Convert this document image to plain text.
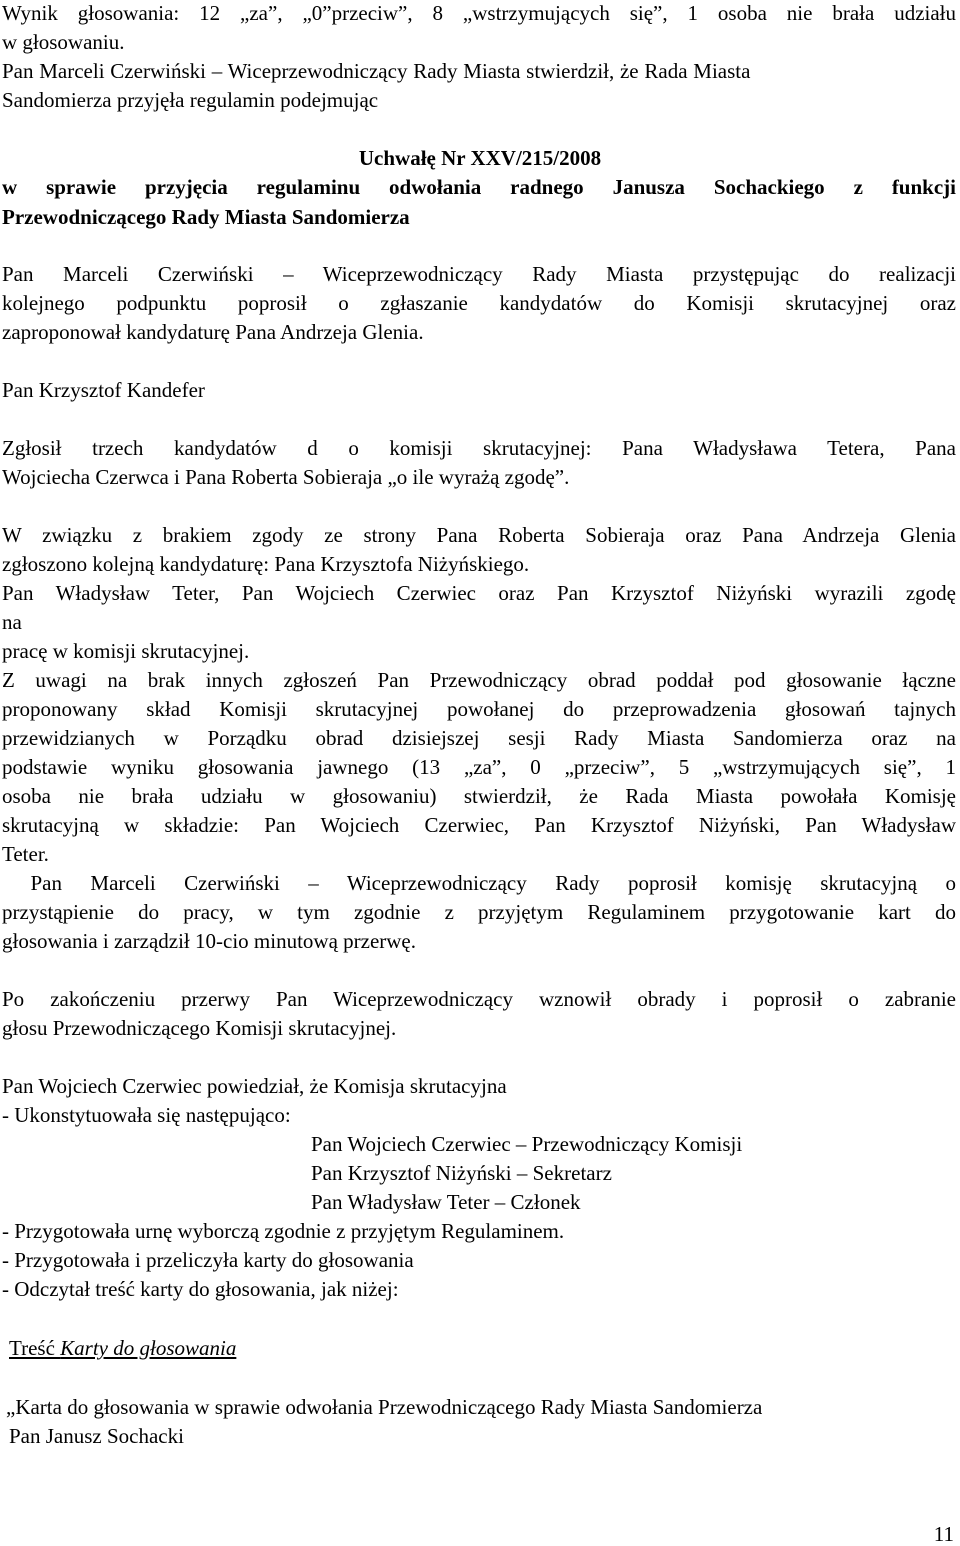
Wynik głosowania: 12 „za”, „0”przeciw”, 8 „wstrzymujących się”, 1 osoba nie brała udziału
w głosowaniu.
Pan Marceli Czerwiński – Wiceprzewodniczący Rady Miasta stwierdził, że Rada Miasta
Sandomierza przyjęła regulamin podejmując
Uchwałę Nr XXV/215/2008
w sprawie przyjęcia regulaminu odwołania radnego Janusza Sochackiego z funkcji
Przewodniczącego Rady Miasta Sandomierza
Pan Marceli Czerwiński – Wiceprzewodniczący Rady Miasta przystępując do realizacji
kolejnego podpunktu poprosił o zgłaszanie kandydatów do Komisji skrutacyjnej oraz
zaproponował kandydaturę Pana Andrzeja Glenia.
Pan Krzysztof Kandefer
Zgłosił trzech kandydatów d o komisji skrutacyjnej: Pana Władysława Tetera, Pana
Wojciecha Czerwca i Pana Roberta Sobieraja „o ile wyrażą zgodę”.
W związku z brakiem zgody ze strony Pana Roberta Sobieraja oraz Pana Andrzeja Glenia
zgłoszono kolejną kandydaturę: Pana Krzysztofa Niżyńskiego.
Pan Władysław Teter, Pan Wojciech Czerwiec oraz Pan Krzysztof Niżyński wyrazili zgodę
na
pracę w komisji skrutacyjnej.
Z uwagi na brak innych zgłoszeń Pan Przewodniczący obrad poddał pod głosowanie łączne
proponowany skład Komisji skrutacyjnej powołanej do przeprowadzenia głosowań tajnych
przewidzianych w Porządku obrad dzisiejszej sesji Rady Miasta Sandomierza oraz na
podstawie wyniku głosowania jawnego (13 „za”, 0 „przeciw”, 5 „wstrzymujących się”, 1
osoba nie brała udziału w głosowaniu) stwierdził, że Rada Miasta powołała Komisję
skrutacyjną w składzie: Pan Wojciech Czerwiec, Pan Krzysztof Niżyński, Pan Władysław
Teter.
Pan Marceli Czerwiński – Wiceprzewodniczący Rady poprosił komisję skrutacyjną o
przystąpienie do pracy, w tym zgodnie z przyjętym Regulaminem przygotowanie kart do
głosowania i zarządził 10-cio minutową przerwę.
Po zakończeniu przerwy Pan Wiceprzewodniczący wznowił obrady i poprosił o zabranie
głosu Przewodniczącego Komisji skrutacyjnej.
Pan Wojciech Czerwiec powiedział, że Komisja skrutacyjna
- Ukonstytuowała się następująco:
Pan Wojciech Czerwiec – Przewodniczący Komisji
Pan Krzysztof Niżyński – Sekretarz
Pan Władysław Teter – Członek
- Przygotowała urnę wyborczą zgodnie z przyjętym Regulaminem.
- Przygotowała i przeliczyła karty do głosowania
- Odczytał treść karty do głosowania, jak niżej:
Treść Karty do głosowania
„Karta do głosowania w sprawie odwołania Przewodniczącego Rady Miasta Sandomierza
Pan Janusz Sochacki
11
